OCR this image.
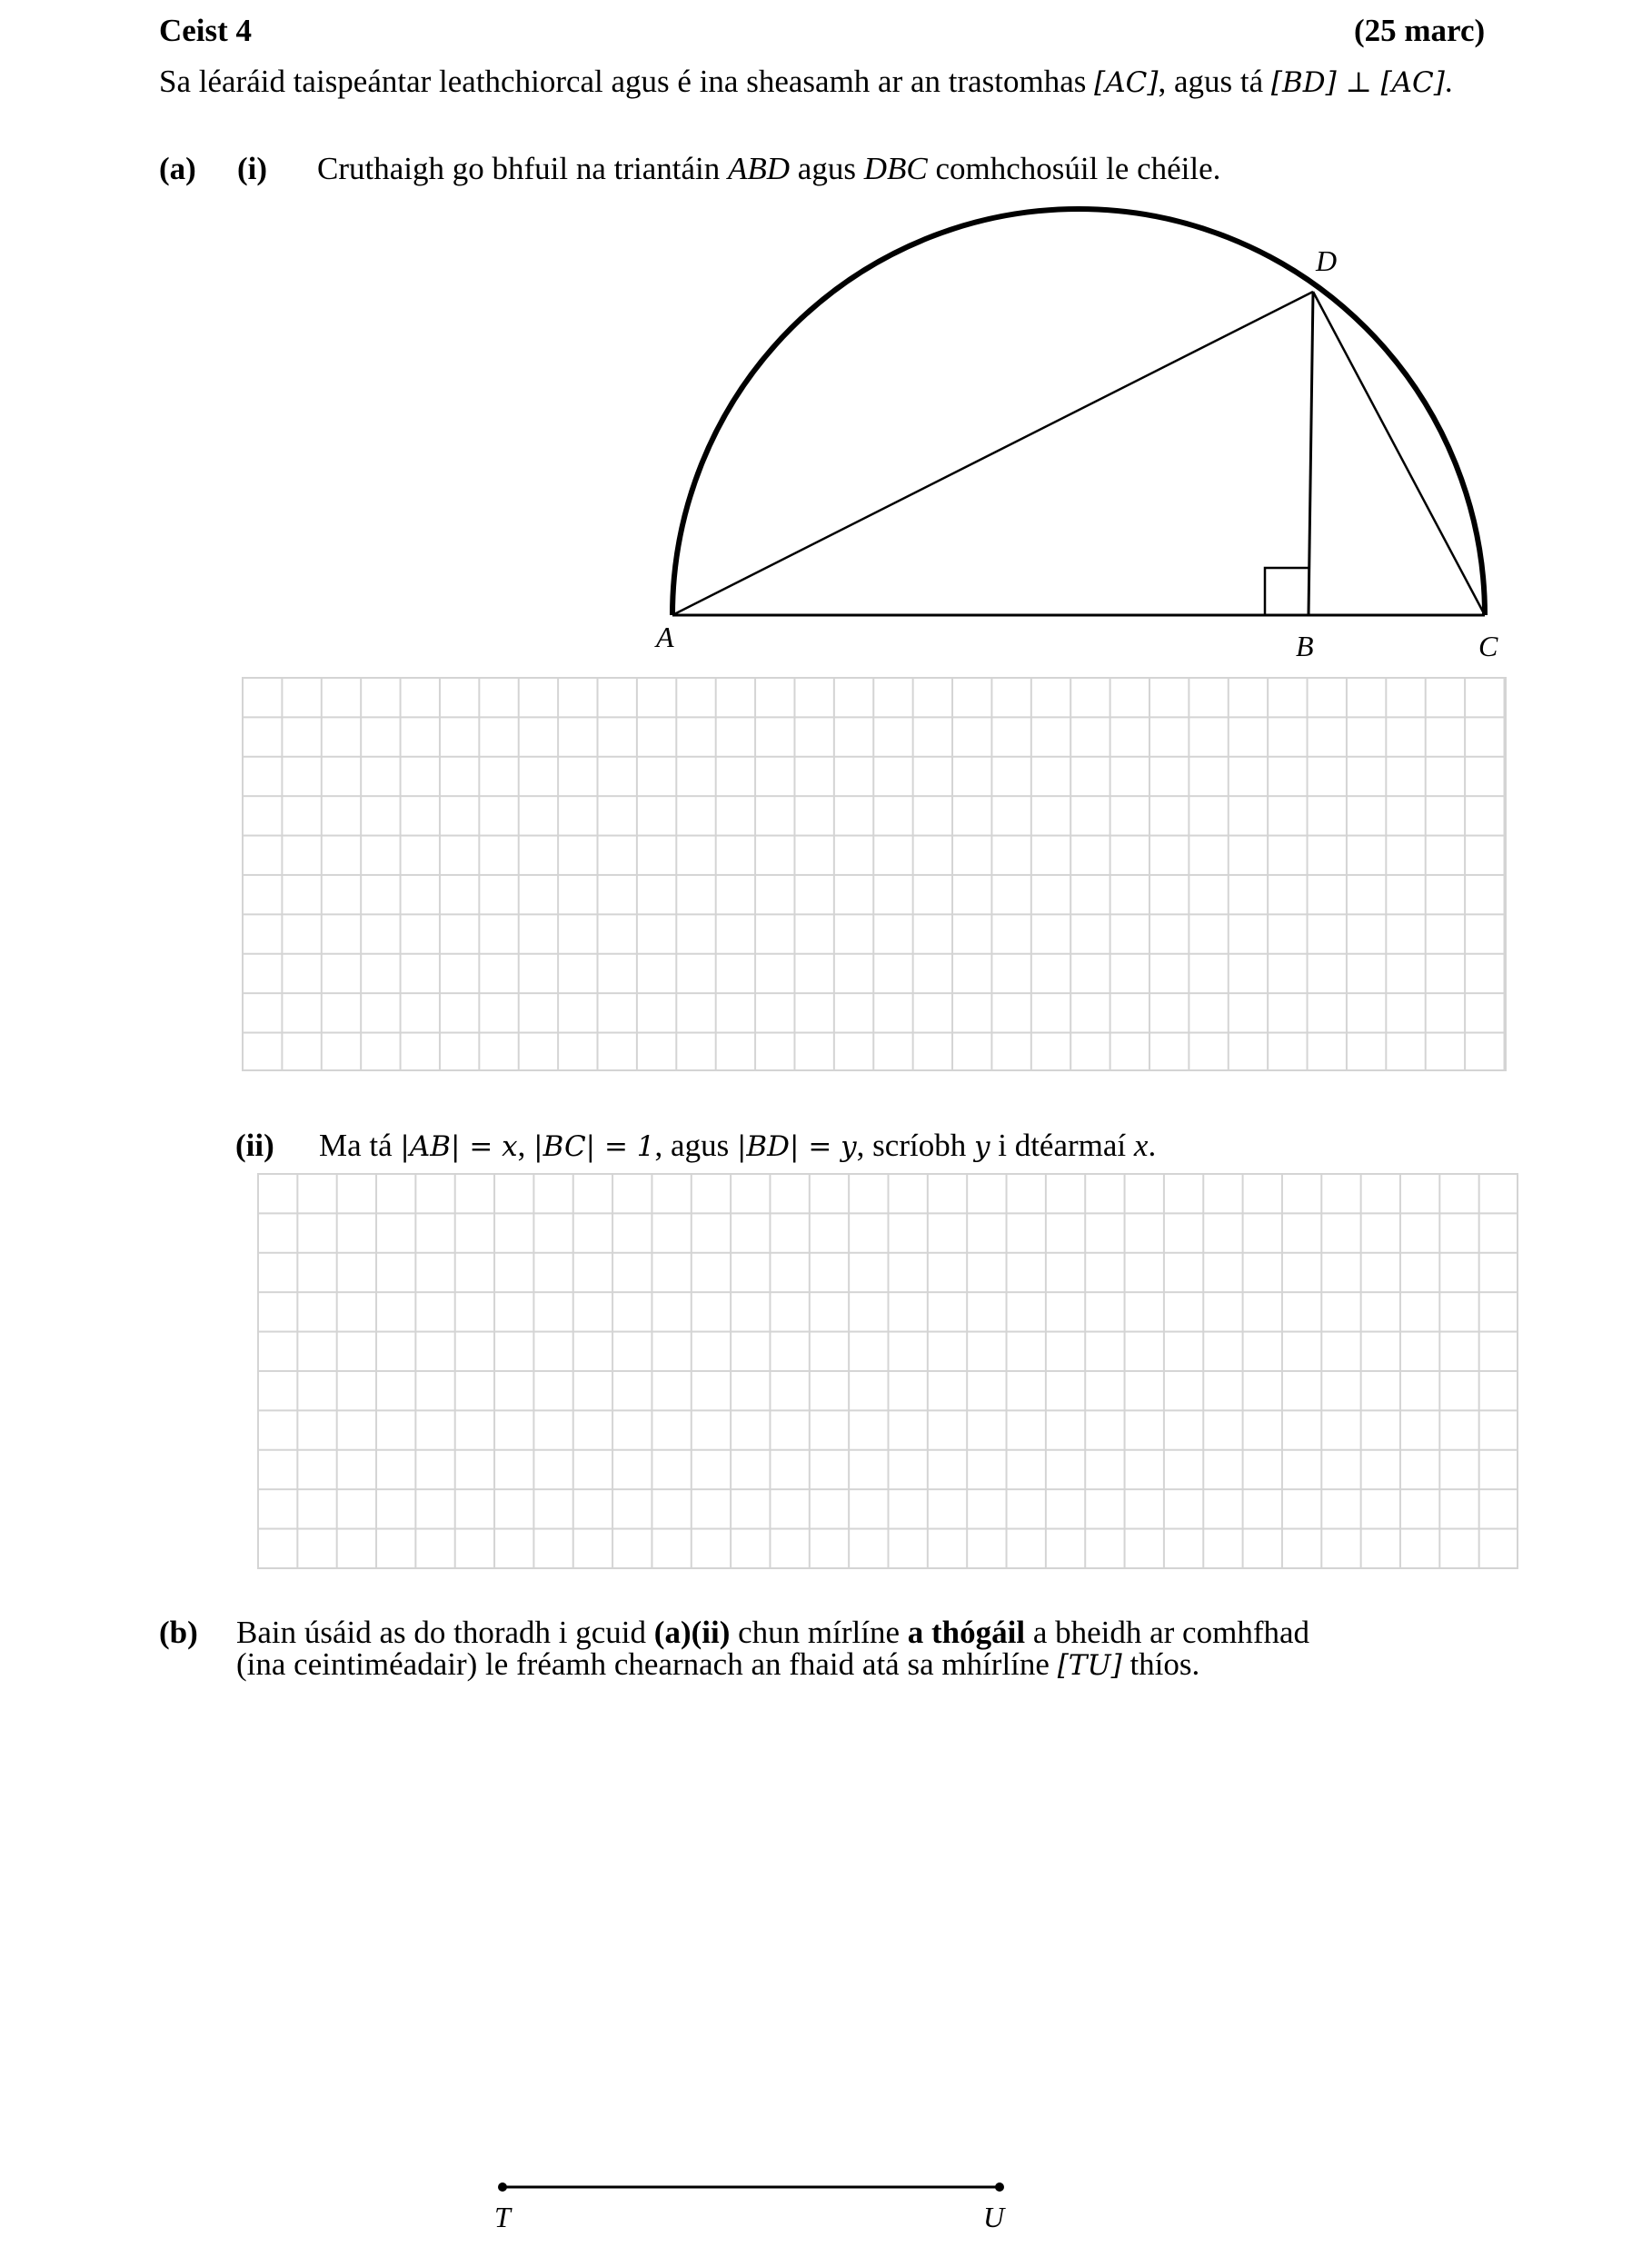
Ceist 4	(25 marc)
Sa léaráid taispeántar leathchiorcal agus é ina sheasamh ar an trastomhas [AC], agus tá [BD] ⊥ [AC].
(a) (i) Cruthaigh go bhfuil na triantáin ABD agus DBC comhchosúil le chéile.
A	B	C
D
(ii) Ma tá |AB| = x, |BC| = 1, agus |BD| = y, scríobh y i dtéarmaí x.
(b) Bain úsáid as do thoradh i gcuid (a)(ii) chun mírlíne a thógáil a bheidh ar comhfhad
(ina ceintiméadair) le fréamh chearnach an fhaid atá sa mhírlíne [TU] thíos.
T	U
